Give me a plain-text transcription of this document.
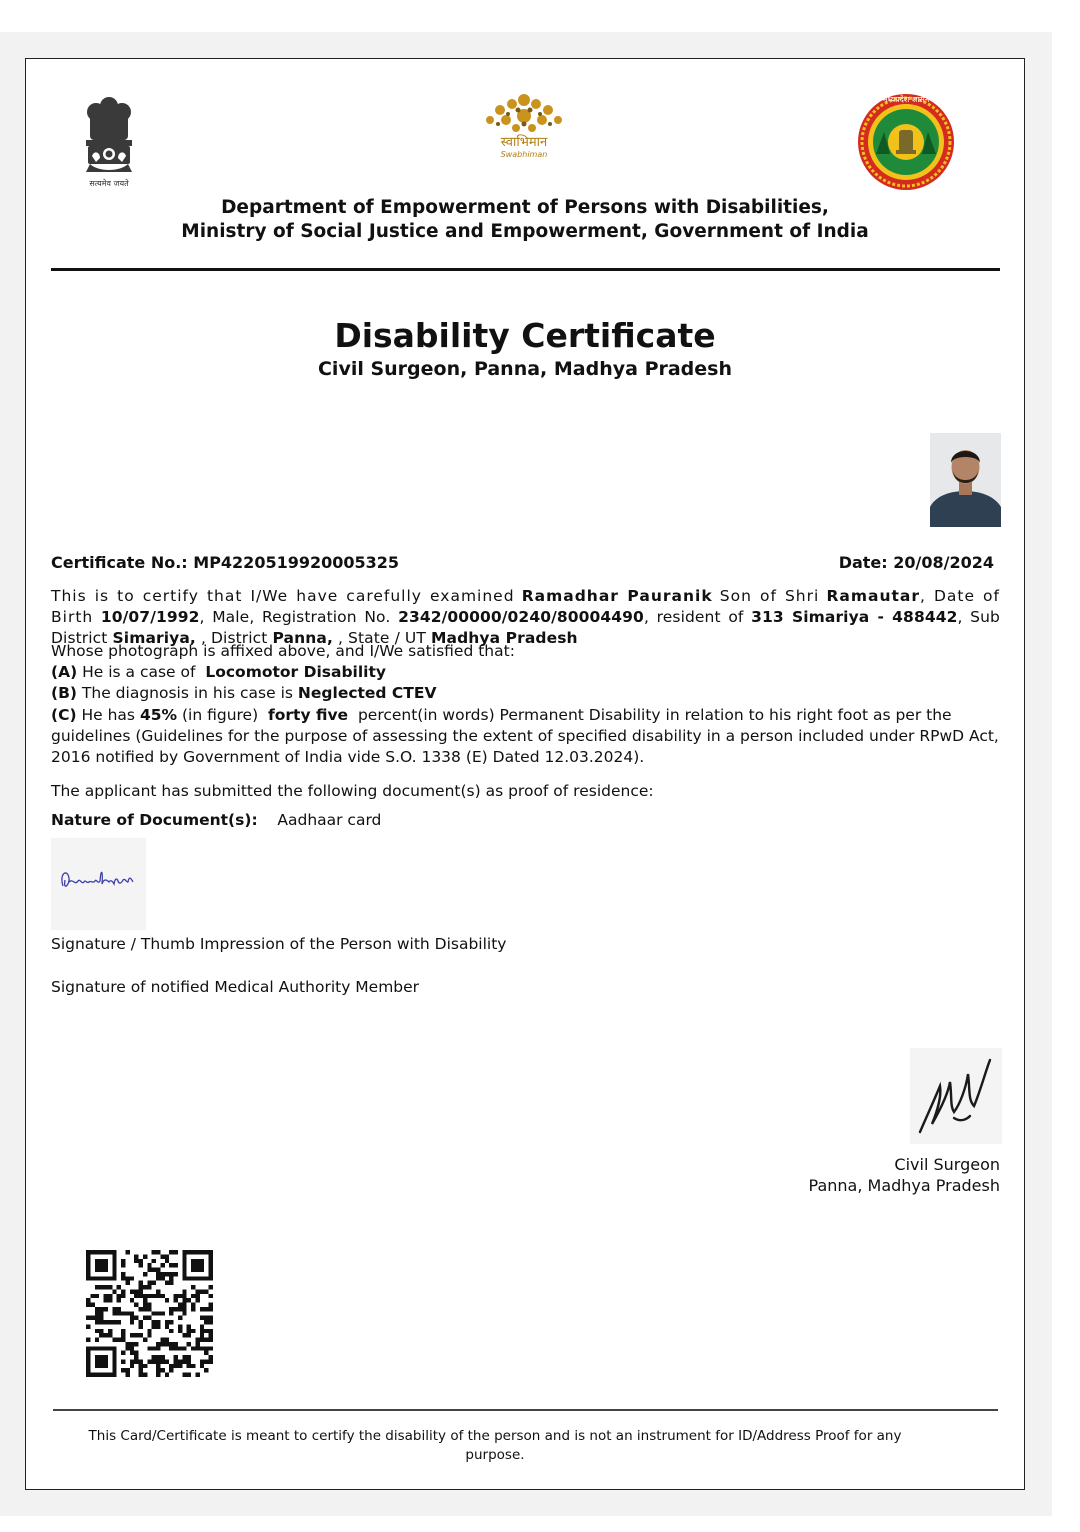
सत्यमेव जयते
स्वाभिमान
Swabhiman
मध्यप्रदेश शासन
Department of Empowerment of Persons with Disabilities,
Ministry of Social Justice and Empowerment, Government of India
Disability Certificate
Civil Surgeon, Panna, Madhya Pradesh
Certificate No.: MP4220519920005325	Date: 20/08/2024
This is to certify that I/We have carefully examined Ramadhar Pauranik Son of Shri Ramautar, Date of Birth 10/07/1992, Male, Registration No. 2342/00000/0240/80004490, resident of 313 Simariya - 488442, Sub District Simariya, , District Panna, , State / UT Madhya Pradesh
Whose photograph is affixed above, and I/We satisfied that:
(A) He is a case of Locomotor Disability
(B) The diagnosis in his case is Neglected CTEV
(C) He has 45% (in figure) forty five percent(in words) Permanent Disability in relation to his right foot as per the guidelines (Guidelines for the purpose of assessing the extent of specified disability in a person included under RPwD Act, 2016 notified by Government of India vide S.O. 1338 (E) Dated 12.03.2024).
The applicant has submitted the following document(s) as proof of residence:
Nature of Document(s): Aadhaar card
Signature / Thumb Impression of the Person with Disability
Signature of notified Medical Authority Member
Civil Surgeon
Panna, Madhya Pradesh
This Card/Certificate is meant to certify the disability of the person and is not an instrument for ID/Address Proof for any purpose.
